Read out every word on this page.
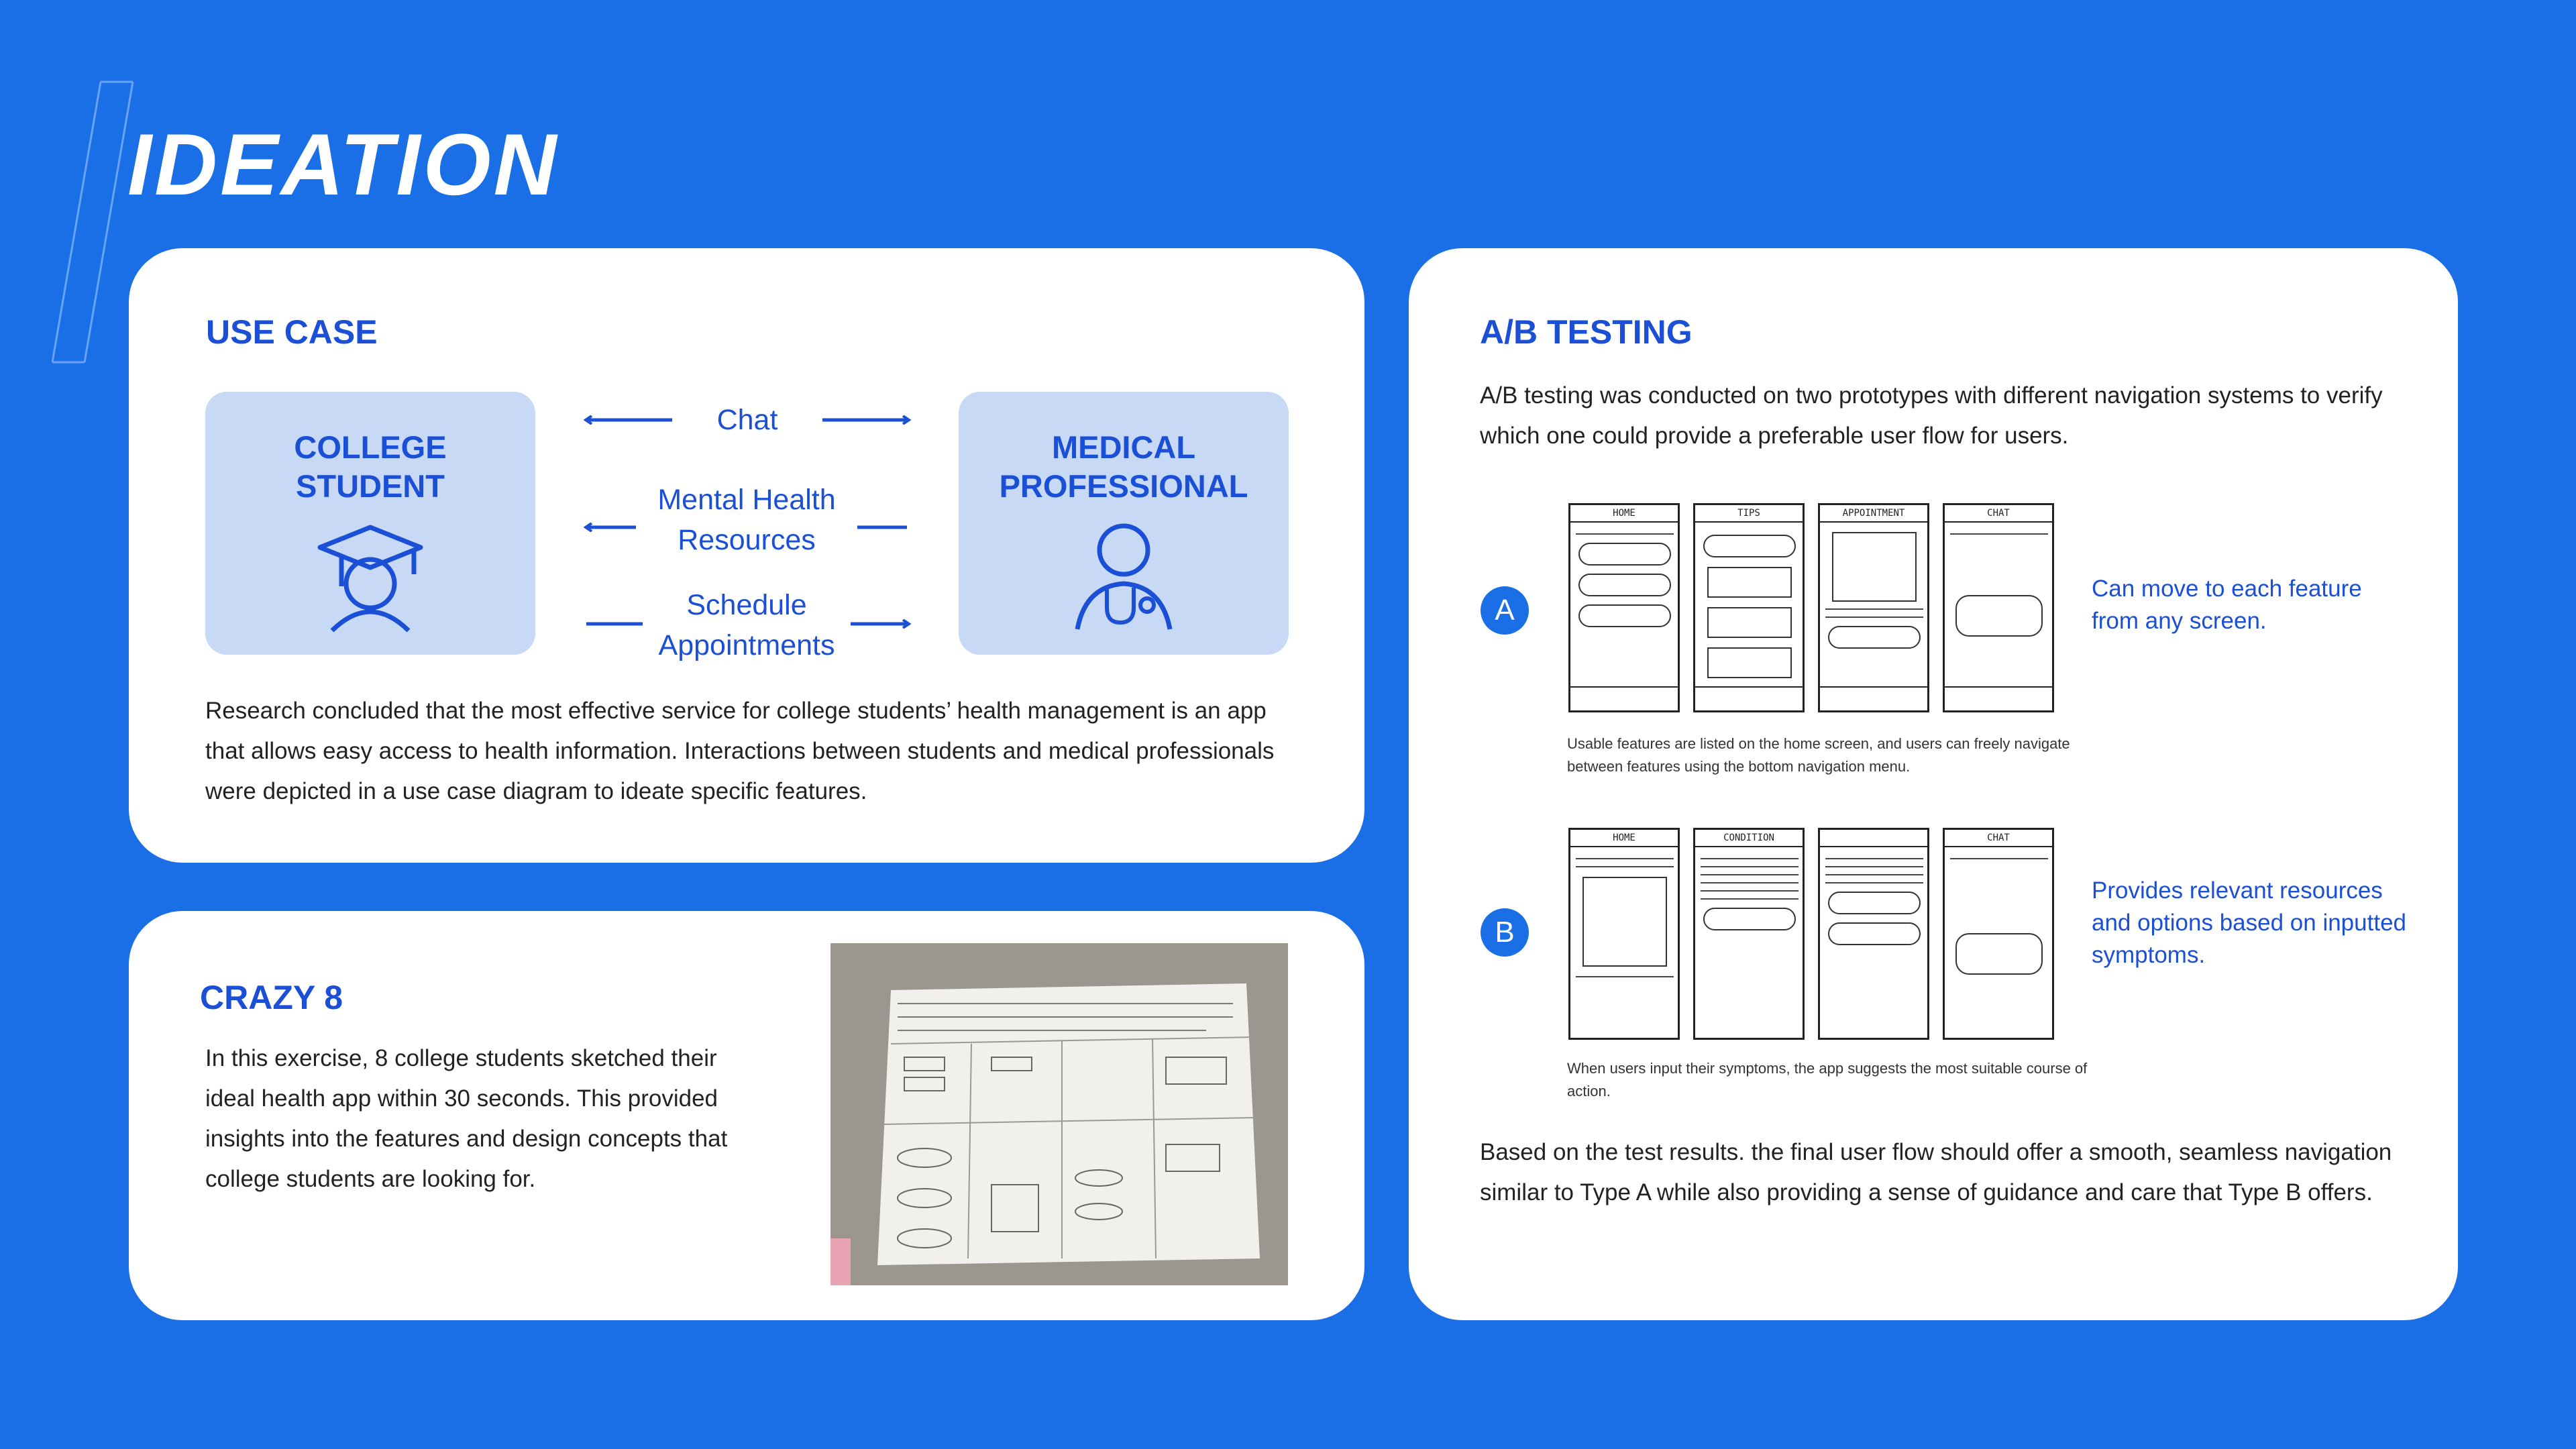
IDEATION
USE CASE
COLLEGE
STUDENT
MEDICAL
PROFESSIONAL
Chat
Mental Health
Resources
Schedule
Appointments

Research concluded that the most effective service for college students’ health management is an app that allows easy access to health information. Interactions between students and medical professionals were depicted in a use case diagram to ideate specific features.

CRAZY 8

In this exercise, 8 college students sketched their ideal health app within 30 seconds. This provided insights into the features and design concepts that college students are looking for.

A/B TESTING

A/B testing was conducted on two prototypes with different navigation systems to verify which one could provide a preferable user flow for users.

A
HOME	TIPS	APPOINTMENT	CHAT

Can move to each feature from any screen.

Usable features are listed on the home screen, and users can freely navigate between features using the bottom navigation menu.

B
HOME	CONDITION	CHAT

Provides relevant resources and options based on inputted symptoms.

When users input their symptoms, the app suggests the most suitable course of action.

Based on the test results. the final user flow should offer a smooth, seamless navigation similar to Type A while also providing a sense of guidance and care that Type B offers.
